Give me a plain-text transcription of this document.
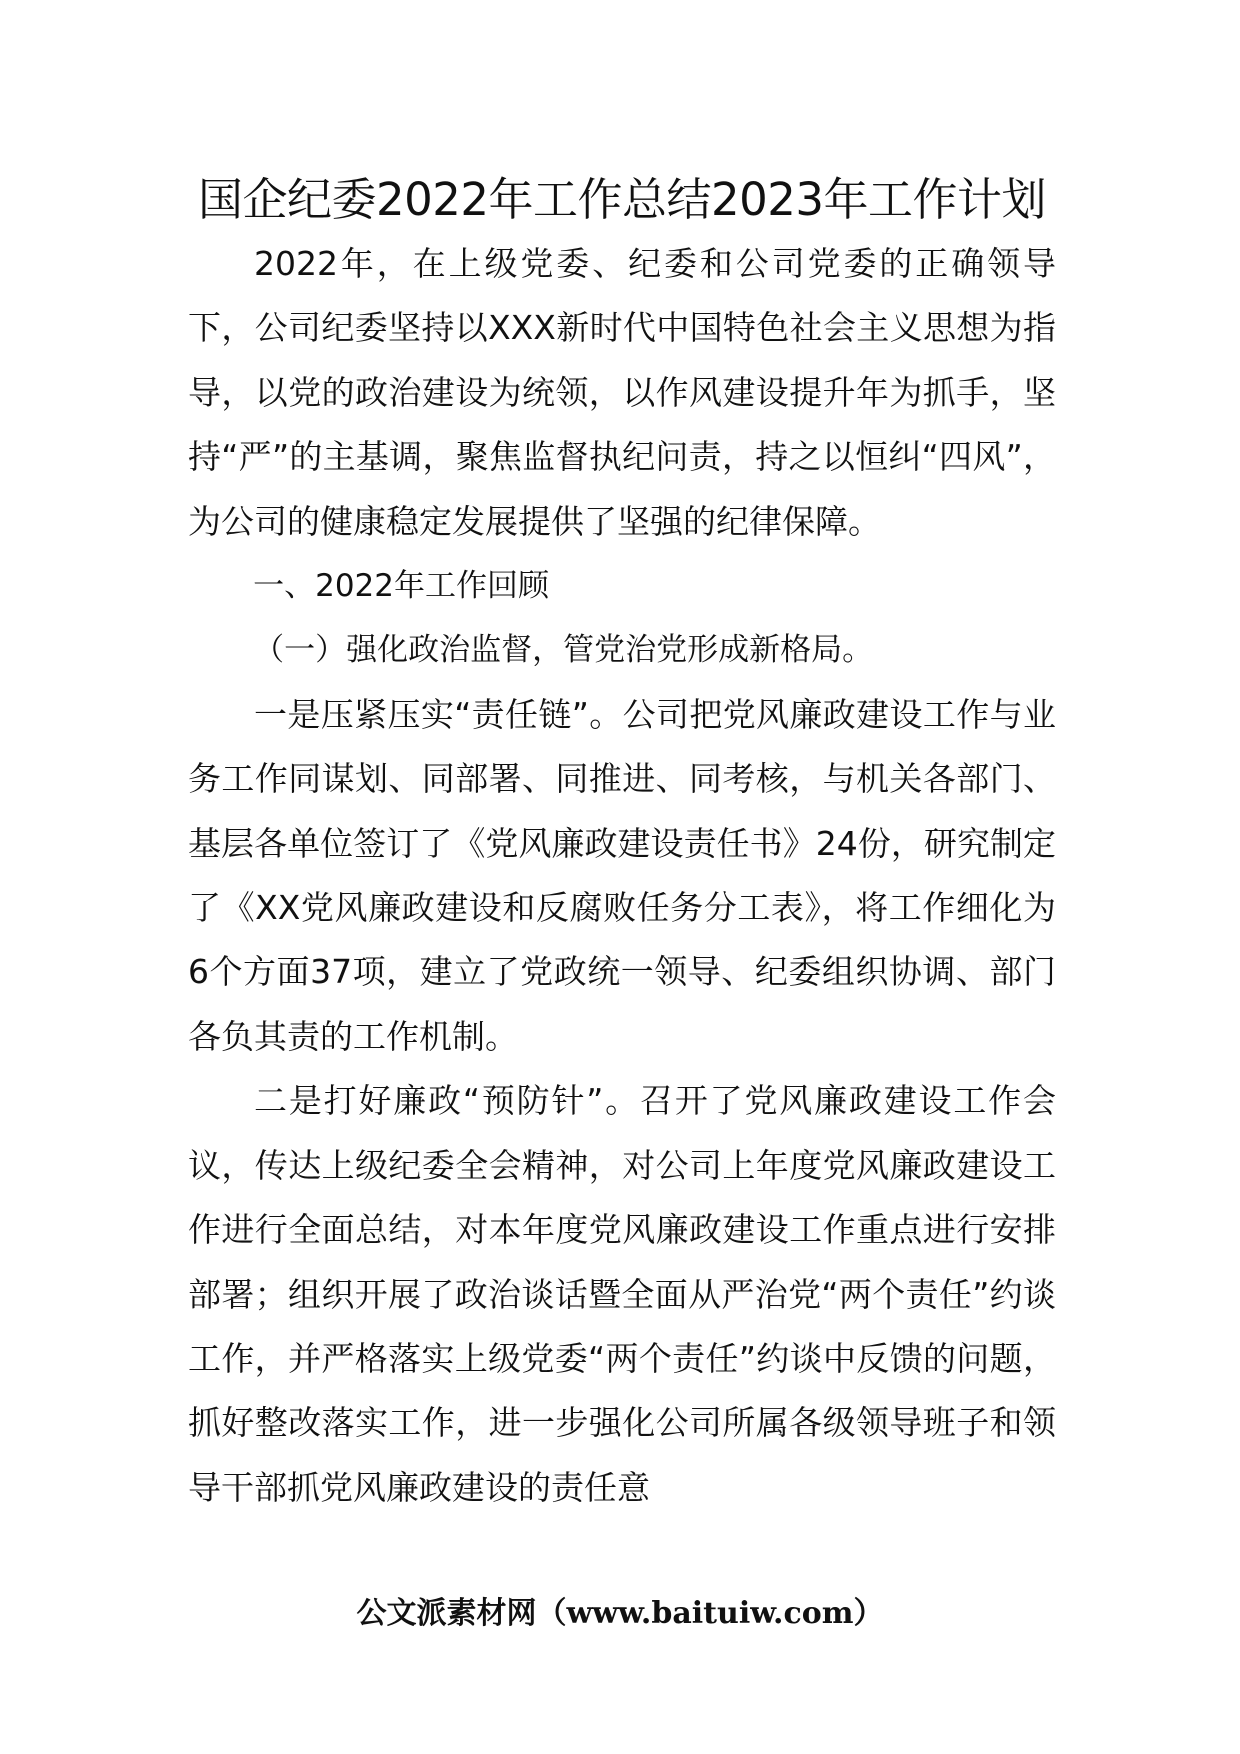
国企纪委2022年工作总结2023年工作计划

2022年，在上级党委、纪委和公司党委的正确领导下，公司纪委坚持以XXX新时代中国特色社会主义思想为指导，以党的政治建设为统领，以作风建设提升年为抓手，坚持“严”的主基调，聚焦监督执纪问责，持之以恒纠“四风”，为公司的健康稳定发展提供了坚强的纪律保障。

一、2022年工作回顾

（一）强化政治监督，管党治党形成新格局。

一是压紧压实“责任链”。公司把党风廉政建设工作与业务工作同谋划、同部署、同推进、同考核，与机关各部门、基层各单位签订了《党风廉政建设责任书》24份，研究制定了《XX党风廉政建设和反腐败任务分工表》，将工作细化为6个方面37项，建立了党政统一领导、纪委组织协调、部门各负其责的工作机制。

二是打好廉政“预防针”。召开了党风廉政建设工作会议，传达上级纪委全会精神，对公司上年度党风廉政建设工作进行全面总结，对本年度党风廉政建设工作重点进行安排部署；组织开展了政治谈话暨全面从严治党“两个责任”约谈工作，并严格落实上级党委“两个责任”约谈中反馈的问题，抓好整改落实工作，进一步强化公司所属各级领导班子和领导干部抓党风廉政建设的责任意

公文派素材网（www.baituiw.com）
